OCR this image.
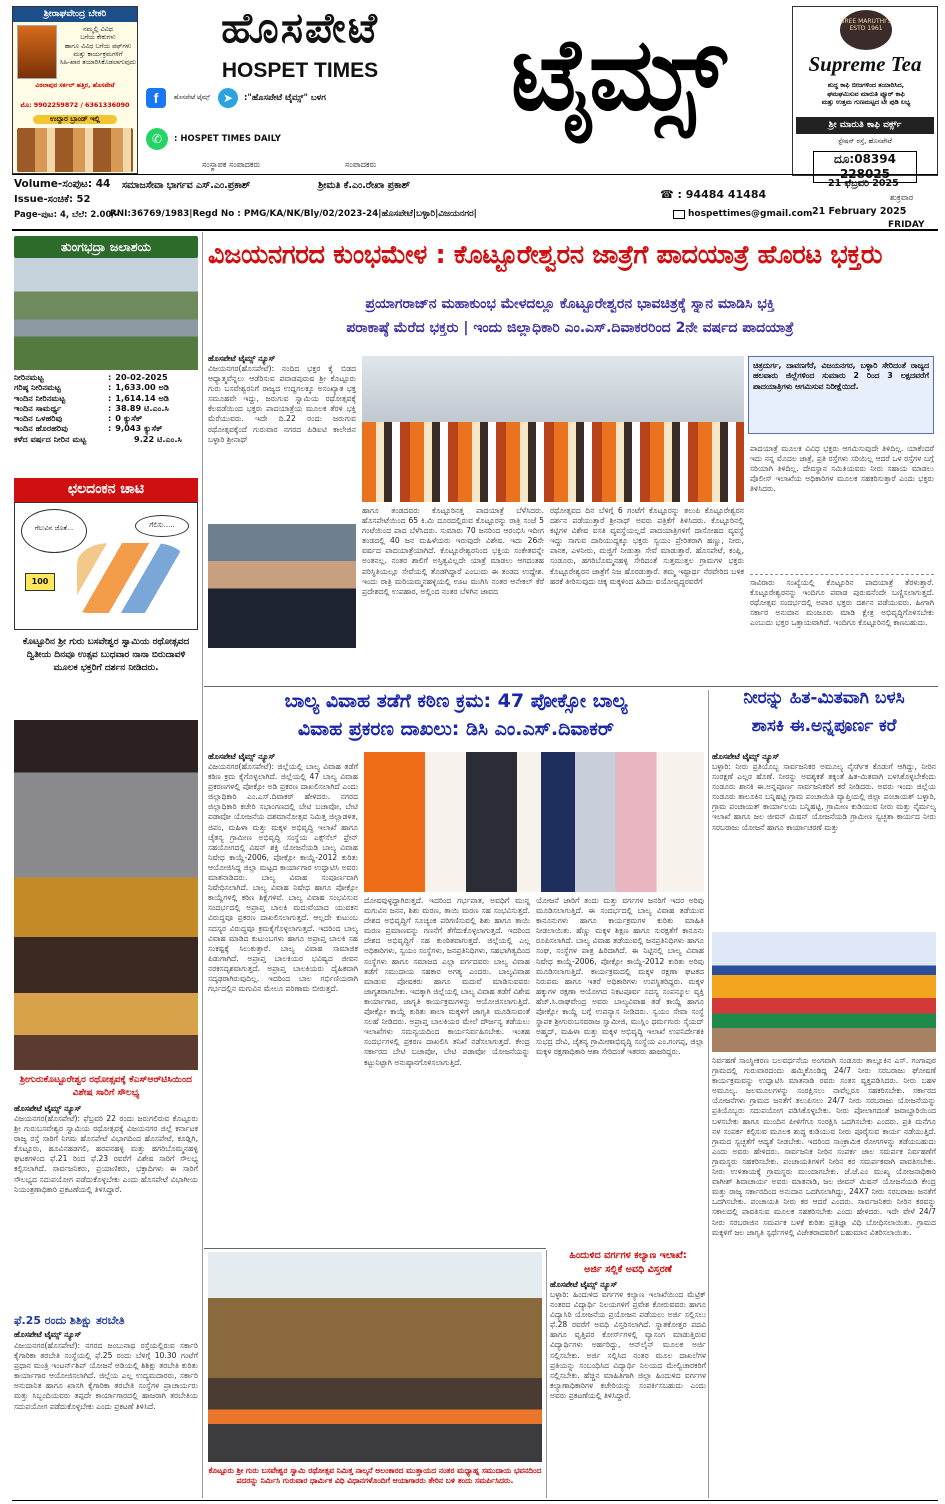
ಶ್ರೀರಾಘವೇಂದ್ರ ಬೇಕರಿ
ನಮ್ಮಲ್ಲಿ ವಿವಿಧ
ಬಗೆಯ ಕೇಕುಗಳು
ಹಾಗೂ ವಿವಿಧ ಬಗೆಯ ಪಫ್‌ಗಳು
ಮತ್ತು ಕಾರ್ಯಕ್ರಮಗಳಿಗೆ
ಸಿಹಿ-ಖಾರ ತಯಾರಿಸಿಕೊಡಲಾಗುವುದು
ವಿಠಲಾಪುರ ಸರ್ಕಲ್ ಹತ್ತಿರ, ಹೊಸಪೇಟೆ
ಮೊ: 9902259872 / 6361336090
ಉದ್ದಾರ ಬ್ರಾಂಡ್ ಇಲ್ಲಿ
ಹೊಸಪೇಟೆ
HOSPET TIMES	ಟೈಮ್ಸ್
f	ಹೊಸಪೇಟೆ ಟೈಮ್ಸ್	➤	:"ಹೊಸಪೇಟೆ ಟೈಮ್ಸ್" ಬಳಗ
✆	: HOSPET TIMES DAILY
ಸಂಸ್ಥಾಪಕ ಸಂಪಾದಕರು	ಸಂಪಾದಕರು
SREE MARUTHI'S
ESTD 1961
Supreme Tea
ಶುದ್ಧ ಕಾಫಿ ಬೀಜಗಳಿಂದ ತಯಾರಿಸಿದ,
ಘಮಘಮಿಸುವ ಮಾರುತಿ ಪ್ಯೂರ್ ಕಾಫಿ
ಮತ್ತು ಉತ್ತಮ ಗುಣಮಟ್ಟದ ಟೀ ಪುಡಿ ಲಭ್ಯ
ಶ್ರೀ ಮಾರುತಿ ಕಾಫಿ ವರ್ಕ್ಸ್
ಸ್ಟೇಷನ್ ರಸ್ತೆ, ಹೊಸಪೇಟೆ
ದೂ:08394 228025
Volume-ಸಂಪುಟ: 44
Issue-ಸಂಚಿಕೆ: 52
Page-ಪುಟ: 4, ಬೆಲೆ: 2.00/-
ಸಮಾಜಸೇವಾ ಭಾರ್ಗವ ಎಸ್.ಎಂ.ಪ್ರಕಾಶ್	ಶ್ರೀಮತಿ ಕೆ.ಎಂ.ರೇಖಾ ಪ್ರಕಾಶ್
☎ : 94484 41484
21 ಫೆಬ್ರವರಿ 2025
ಶುಕ್ರವಾರ
RNI:36769/1983|Regd No : PMG/KA/NK/Bly/02/2023-24|ಹೊಸಪೇಟೆ|ಬಳ್ಳಾರಿ|ವಿಜಯನಗರ|	hospettimes@gmail.com 21 February 2025
FRIDAY
ತುಂಗಭದ್ರಾ ಜಲಾಶಯ
ನೀರಿನಮಟ್ಟ	: 20-02-2025
ಗರಿಷ್ಠ ನೀರಿನಮಟ್ಟ	: 1,633.00 ಅಡಿ
ಇಂದಿನ ನೀರಿನಮಟ್ಟ	: 1,614.14 ಅಡಿ
ಇಂದಿನ ಸಾಮರ್ಥ್ಯ	: 38.89 ಟಿ.ಎಂ.ಸಿ
ಇಂದಿನ ಒಳಹರಿವು	: 0 ಕ್ಯುಸೆಕ್
ಇಂದಿನ ಹೊರಹರಿವು	: 9,043 ಕ್ಯುಸೆಕ್
ಕಳೆದ ವರ್ಷದ ನೀರಿನ ಮಟ್ಟ	9.22 ಟಿ.ಎಂ.ಸಿ
ಛಲದಂಕನ ಚಾಟಿ
ಗೆಲುವಿನ ಜೊತೆ...	ಗೆಲಿಸು.....
100
ಕೊಟ್ಟೂರಿನ ಶ್ರೀ ಗುರು ಬಸವೇಶ್ವರ ಸ್ವಾಮಿಯ ರಥೋತ್ಸವದ ದ್ವಿತೀಯ ದಿನವೂ ಉತ್ಸವ ಬುಧವಾರ ನಾನಾ ಬಿರುದಾವಳಿ ಮೂಲಕ ಭಕ್ತರಿಗೆ ದರ್ಶನ ನೀಡಿದರು.
ಶ್ರೀಗುರುಕೊಟ್ಟೂರೇಶ್ವರ ರಥೋತ್ಸವಕ್ಕೆ ಕೆಎಸ್‌ಆರ್‌ಟಿಸಿಯಿಂದ ವಿಶೇಷ ಸಾರಿಗೆ ಸೌಲಭ್ಯ
ಹೊಸಪೇಟೆ ಟೈಮ್ಸ್ ನ್ಯೂಸ್
ವಿಜಯನಗರ(ಹೊಸಪೇಟೆ): ಫೆಬ್ರವರಿ 22 ರಂದು ಜರುಗಲಿರುವ ಕೊಟ್ಟೂರು ಶ್ರೀ ಗುರುಬಸವೇಶ್ವರ ಸ್ವಾಮಿಯ ರಥೋತ್ಸವಕ್ಕೆ ವಿಜಯನಗರ ಜಿಲ್ಲೆ ಕರ್ನಾಟಕ ರಾಜ್ಯ ರಸ್ತೆ ಸಾರಿಗೆ ನಿಗಮ ಹೊಸಪೇಟೆ ವಿಭಾಗದಿಂದ ಹೊಸಪೇಟೆ, ಕೂಡ್ಲಿಗಿ, ಕೊಟ್ಟೂರು, ಹೂವಿನಹಡಗಲಿ, ಹರಪನಹಳ್ಳಿ ಮತ್ತು ಹಗರಿಬೊಮ್ಮನಹಳ್ಳಿ ಘಟಕಗಳಿಂದ ಫೆ.21 ರಿಂದ ಫೆ.23 ರವರೆಗೆ ವಿಶೇಷ ಸಾರಿಗೆ ಸೌಲಭ್ಯ ಕಲ್ಪಿಸಲಾಗಿದೆ. ಸಾರ್ವಜನಿಕರು, ಪ್ರಯಾಣಿಕರು, ಭಕ್ತಾದಿಗಳು ಈ ಸಾರಿಗೆ ಸೌಲಭ್ಯದ ಸದುಪಯೋಗ ಪಡೆದುಕೊಳ್ಳಬೇಕು ಎಂದು ಹೊಸಪೇಟೆ ವಿಭಾಗೀಯ ನಿಯಂತ್ರಣಾಧಿಕಾರಿ ಪ್ರಕಟಣೆಯಲ್ಲಿ ತಿಳಿಸಿದ್ದಾರೆ.
ಫೆ.25 ರಂದು ಶಿಶಿಕ್ಷು ತರಬೇತಿ
ಹೊಸಪೇಟೆ ಟೈಮ್ಸ್ ನ್ಯೂಸ್
ವಿಜಯನಗರ(ಹೊಸಪೇಟೆ): ನಗರದ ಜಂಬುನಾಥ ರಸ್ತೆಯಲ್ಲಿರುವ ಸರ್ಕಾರಿ ಕೈಗಾರಿಕಾ ತರಬೇತಿ ಸಂಸ್ಥೆಯಲ್ಲಿ ಫೆ.25 ರಂದು ಬೆಳಿಗ್ಗೆ 10.30 ಗಂಟೆಗೆ ಪ್ರಧಾನ ಮಂತ್ರಿ ಇಂಟರ್ನ್‌ಶಿಪ್ ಯೋಜನೆ ಅಡಿಯಲ್ಲಿ ಶಿಶಿಕ್ಷು ತರಬೇತಿ ಕುರಿತು ಕಾರ್ಯಾಗಾರ ಆಯೋಜಿಸಲಾಗಿದೆ. ಜಿಲ್ಲೆಯ ಎಲ್ಲ ಉದ್ಯಮದಾರರು, ಸರ್ಕಾರಿ ಅನುದಾನಿತ ಹಾಗೂ ಖಾಸಗಿ ಕೈಗಾರಿಕಾ ತರಬೇತಿ ಸಂಸ್ಥೆಗಳ ಪ್ರಾಚಾರ್ಯರು ಮತ್ತು ಸಿಬ್ಬಂದಿಯವರು ತಪ್ಪದೇ ಕಾರ್ಯಾಗಾರದಲ್ಲಿ ಹಾಜರಾಗಿ ತರಬೇತಿಯ ಸದುಪಯೋಗ ಪಡೆದುಕೊಳ್ಳಬೇಕು ಎಂದು ಪ್ರಕಟಣೆ ತಿಳಿಸಿದೆ.
ವಿಜಯನಗರದ ಕುಂಭಮೇಳ : ಕೊಟ್ಟೂರೇಶ್ವರನ ಜಾತ್ರೆಗೆ ಪಾದಯಾತ್ರೆ ಹೊರಟ ಭಕ್ತರು
ಪ್ರಯಾಗರಾಜ್‌ನ ಮಹಾಕುಂಭ ಮೇಳದಲ್ಲೂ ಕೊಟ್ಟೂರೇಶ್ವರನ ಭಾವಚಿತ್ರಕ್ಕೆ ಸ್ನಾನ ಮಾಡಿಸಿ ಭಕ್ತಿ
ಪರಾಕಾಷ್ಠೆ ಮೆರೆದ ಭಕ್ತರು | ಇಂದು ಜಿಲ್ಲಾಧಿಕಾರಿ ಎಂ.ಎಸ್.ದಿವಾಕರರಿಂದ 2ನೇ ವರ್ಷದ ಪಾದಯಾತ್ರೆ
ಹೊಸಪೇಟೆ ಟೈಮ್ಸ್ ನ್ಯೂಸ್
ವಿಜಯನಗರ(ಹೊಸಪೇಟೆ): ನಂದಿದ ಭಕ್ತರ ಕೈ ಬಿಡದ ಆಧ್ಯಾತ್ಮವೆನ್ನಲು ಆಡೆರಿಸುವ ಪವಾಡಪುರುಷ ಶ್ರೀ ಕೊಟ್ಟೂರು ಗುರು ಬಸವೇಶ್ವರನಿಗೆ ರಾಜ್ಯದ ಉದ್ದಗಲಕ್ಕೂ ಅಸಂಖ್ಯಾತ ಭಕ್ತ ಸಮೂಹವೇ ಇದ್ದು, ಜರುಗುವ ಸ್ವಾಮಿಯ ರಥೋತ್ಸವಕ್ಕೆ ಕೆಲವಡೆಯಿಂದ ಭಕ್ತರು ಪಾದಯಾತ್ರೆಯ ಮೂಲಕ ತೆರಳಿ ಭಕ್ತಿ ಮೆರೆಯುವರು. ಇದೇ ದಿ.22 ರಂದು ಜರುಗುವ ರಥೋತ್ಸವಕ್ಕೆಂದೆ ಗುರುವಾರ ನಗರದ ಪಿಡಿಐಟಿ ಕಾಲೇಜಿನ ಬಳ್ಳಾರಿ ಶ್ರೀನಾಥ್
ಚಿತ್ರದುರ್ಗ, ದಾವಣಗೆರೆ, ವಿಜಯನಗರ, ಬಳ್ಳಾರಿ ಸೇರಿದಂತೆ ರಾಜ್ಯದ ಹಲವಾರು ಜಿಲ್ಲೆಗಳಿಂದ ಸುಮಾರು 2 ರಿಂದ 3 ಲಕ್ಷದವರೆಗೆ ಪಾದಯಾತ್ರಿಗಳು ಆಗಮಿಸುವ ನಿರೀಕ್ಷೆಯಿದೆ.
ಪಾದಯಾತ್ರೆ ಮೂಲಕ ವಿವಿಧ ಭಕ್ತರು ಆಗಮಿಸುವುದೇ ತಿಳಿದಿಲ್ಲ. ಯಾಕೆಂದರೆ ಇದು ನನ್ನ ಮೊದಲ ಜಾತ್ರೆ, ಪ್ರತಿ ರಸ್ತೆಗಳು ಸರಿಯಿಲ್ಲ ಆದರೆ ಒಳ ರಸ್ತೆಗಳ ಬಗ್ಗೆ ಸರಿಯಾಗಿ ತಿಳಿದಿಲ್ಲ. ದೇವಸ್ಥಾನ ಸಮಿತಿಯವರು ನೀರು ಸಹಾಯ ಮಾಡಲು ಪೊಲೀಸ್ ಇಲಾಖೆಯ ಅಧಿಕಾರಿಗಳ ಮೂಲಕ ಸಹಕರಿಸುತ್ತಾರೆ ಎಂದು ಭಕ್ತರು ತಿಳಿಸಿದರು.
ಸಾವಿರಾರು ಸಂಖ್ಯೆಯಲ್ಲಿ ಕೊಟ್ಟೂರಿನ ಪಾದಯಾತ್ರೆ ತೆರಳುತ್ತಾರೆ. ಕೊಟ್ಟೂರೇಶ್ವರನನ್ನು ಇಂದಿಗೂ ಪವಾಡ ಪುರುಷನೆಂದೇ ಬಣ್ಣಿಸಲಾಗುತ್ತದೆ. ರಥೋತ್ಸವ ಸಂದರ್ಭದಲ್ಲಿ ಅಪಾರ ಭಕ್ತರು ದರ್ಶನ ಪಡೆಯುವರು. ಹೀಗಾಗಿ ಸರ್ಕಾರ ಅನುದಾನ ಮಂಜೂರು ಮಾಡಿ ಕ್ಷೇತ್ರ ಅಭಿವೃದ್ಧಿಗೊಳಿಸಬೇಕು ಎಂಬುದು ಭಕ್ತರ ಒತ್ತಾಯವಾಗಿದೆ. ಇಂದಿಗೂ ಕೊಟ್ಟೂರಿನಲ್ಲಿ ಕಾಣಬಹುದು.
ಹಾಗೂ ತಂಡದವರು ಕೊಟ್ಟೂರಿನತ್ತ ಪಾದಯಾತ್ರೆ ಬೆಳೆಸಿದರು. ಹೊಸಪೇಟೆಯಿಂದ 65 ಕಿ.ಮಿ ದೂರದಲ್ಲಿರುವ ಕೊಟ್ಟೂರನ್ನು ರಾತ್ರಿ ಸಂಜೆ 5 ಗಂಟೆಯಿಂದ ಪಾದ ಬೆಳೆಸಿದರು. ಸುಮಾರು 70 ಜನರಿಂದ ಆರಂಭಿಸಿ ಇದೀಗ ತಂಡದಲ್ಲಿ 40 ಜನ ಮಹಿಳೆಯರು ಇರುವುದೇ ವಿಶೇಷ. ಇದು 26ನೇ ವರ್ಷದ ಪಾದಯಾತ್ರೆಯಾಗಿದೆ. ಕೊಟ್ಟೂರೇಶ್ವರನಿಂದ ಭಕ್ತಿಯ ಸಂಕೇತವನ್ನೇ ಅಂತನಲ್ಲ. ನಂತರ ಶಾಲಿಗೆ ಅಸ್ತಿತ್ವವಿಲ್ಲದೇ ಯಾತ್ರೆ ಮಾಡಲು ಆಗದಂತಹ ಪರಿಸ್ಥಿತಿಯಲ್ಲೂ ಸೇವೆಯಲ್ಲಿ ತೊಡಗಿದ್ದಾರೆ ಎಂಬುದು ಈ ತಂಡದ ಉದ್ದೇಶ. ಇಂದು ರಾತ್ರಿ ಮರಿಯಮ್ಮನಹಳ್ಳಿಯಲ್ಲಿ ಊಟ ಮುಗಿಸಿ ನಂತರ ಆನೇಕಲ್ ಕೆರೆ ಪ್ರದೇಶದಲ್ಲಿ ಉಪಹಾರ, ಅಲ್ಲಿಂದ ನಂತರ ಬೆಳಗಿನ ಜಾವದ
ರಥೋತ್ಸವದ ದಿನ ಬೆಳಿಗ್ಗೆ 6 ಗಂಟೆಗೆ ಕೊಟ್ಟೂರನ್ನು ತಲುಪಿ ಕೊಟ್ಟೂರೇಶ್ವರನ ದರ್ಶನ ಪಡೆಯುತ್ತಾರೆ ಶ್ರೀನಾಥ್ ಅವರು ಪತ್ರಿಕೆಗೆ ತಿಳಿಸಿದರು. ಕೊಟ್ಟೂರಿನಲ್ಲಿ ಕಟ್ಟಿಗಳ ವಿಶೇಷ ವಸತಿ ವ್ಯವಸ್ಥೆಯಲ್ಲದೆ ಪಾದಯಾತ್ರಿಗಳಿಗೆ ದಾಸೋಹದ ವ್ಯವಸ್ಥೆ ಇದ್ದು ಸಾಗುವ ದಾರಿಯುದ್ದಕ್ಕೂ ಭಕ್ತರು ಸ್ವಯಂ ಪ್ರೇರಿತರಾಗಿ ಹಣ್ಣು, ನೀರು, ಪಾನಕ, ಎಳನೀರು, ಮಜ್ಜಿಗೆ ನೀಡುತ್ತಾ ಸೇವೆ ಮಾಡುತ್ತಾರೆ. ಹೊಸಪೇಟೆ, ಕಂಪ್ಲಿ, ಸಂಡೂರು, ಹಗರಿಬೊಮ್ಮನಹಳ್ಳಿ ಸೇರಿದಂತೆ ಸುತ್ತಮುತ್ತಲ ಗ್ರಾಮಗಳ ಭಕ್ತರು ಕೊಟ್ಟೂರೇಶ್ವರನ ಜಾತ್ರೆಗೆ ನಿಜ ಹೊರಡುತ್ತಾರೆ. ತಮ್ಮ ಇಷ್ಟಾರ್ಥ ನೆರವೇರಿದ ಬಳಿಕ ಹರಕೆ ತೀರಿಸುವುದು ಚಿಕ್ಕ ಮಕ್ಕಳಿಂದ ಹಿಡಿದು ವಯೋವೃದ್ಧರವರೆಗೆ
ಬಾಲ್ಯ ವಿವಾಹ ತಡೆಗೆ ಕಠಿಣ ಕ್ರಮ: 47 ಪೋಕ್ಸೋ ಬಾಲ್ಯ
ವಿವಾಹ ಪ್ರಕರಣ ದಾಖಲು: ಡಿಸಿ ಎಂ.ಎಸ್.ದಿವಾಕರ್
ಹೊಸಪೇಟೆ ಟೈಮ್ಸ್ ನ್ಯೂಸ್
ವಿಜಯನಗರ(ಹೊಸಪೇಟೆ): ಜಿಲ್ಲೆಯಲ್ಲಿ ಬಾಲ್ಯ ವಿವಾಹ ತಡೆಗೆ ಕಠಿಣ ಕ್ರಮ ಕೈಗೊಳ್ಳಲಾಗಿದೆ. ಜಿಲ್ಲೆಯಲ್ಲಿ 47 ಬಾಲ್ಯ ವಿವಾಹ ಪ್ರಕರಣಗಳಲ್ಲಿ ಪೋಕ್ಸೋ ಅಡಿ ಪ್ರಕರಣ ದಾಖಲಿಸಲಾಗಿದೆ ಎಂದು ಜಿಲ್ಲಾಧಿಕಾರಿ ಎಂ.ಎಸ್.ದಿವಾಕರ್ ಹೇಳಿದರು. ನಗರದ ಜಿಲ್ಲಾಧಿಕಾರಿ ಕಚೇರಿ ಸಭಾಂಗಣದಲ್ಲಿ ಬೇಟಿ ಬಚಾವೋ, ಬೇಟಿ ಪಡಾವೋ ಯೋಜನೆಯ ದಶಮಾನೋತ್ಸವ ನಿಮಿತ್ತ ಜಿಲ್ಲಾಡಳಿತ, ಜಿಪಂ, ಮಹಿಳಾ ಮತ್ತು ಮಕ್ಕಳ ಅಭಿವೃದ್ಧಿ ಇಲಾಖೆ ಹಾಗೂ ಚೈತನ್ಯ ಗ್ರಾಮೀಣ ಅಭಿವೃದ್ಧಿ ಸಂಸ್ಥೆಯ ಎಕ್ಸ್‌ಸೆಲ್ ಫ್ರೇನ್ ಸಹಯೋಗದಲ್ಲಿ ವಿಷನ್ ಶಕ್ತಿ ಯೋಜನೆಯಡಿ ಬಾಲ್ಯ ವಿವಾಹ ನಿಷೇಧ ಕಾಯ್ದೆ-2006, ಪೋಕ್ಸೋ ಕಾಯ್ದೆ-2012 ಕುರಿತು ಆಯೋಜಿಸಿದ್ದ ಜಿಲ್ಲಾ ಮಟ್ಟದ ಕಾರ್ಯಾಗಾರ ಉದ್ಘಾಟಿಸಿ ಅವರು ಮಾತನಾಡಿದರು. ಬಾಲ್ಯ ವಿವಾಹ ಸಂಪೂರ್ಣವಾಗಿ ನಿಷೇಧಿಸಲಾಗಿದೆ. ಬಾಲ್ಯ ವಿವಾಹ ನಿಷೇಧ ಹಾಗೂ ಪೋಕ್ಸೋ ಕಾಯ್ದೆಗಳಲ್ಲಿ ಕಠಿಣ ಶಿಕ್ಷೆಗಳಿವೆ. ಬಾಲ್ಯ ವಿವಾಹ ಸಂಭವಿಸುವ ಸಂದರ್ಭದಲ್ಲಿ ಅಪ್ರಾಪ್ತ ಬಾಲಕಿ ಮದುವೆಯಾದ ಯುವಕನ ವಿರುದ್ಧವೂ ಪ್ರಕರಣ ದಾಖಲಿಸಲಾಗುತ್ತದೆ. ಆಲ್ಲದೇ ಕುಟುಂಬ ಸದಸ್ಯರ ವಿರುದ್ಧವೂ ಕ್ರಮಕೈಗೊಳ್ಳಲಾಗುತ್ತದೆ. ಇದರಿಂದ ಬಾಲ್ಯ ವಿವಾಹ ಮಾಡಿದ ಕುಟುಂಬಗಳು ಹಾಗೂ ಅಪ್ರಾಪ್ತ ಬಾಲಕಿ ಸಹ ಸಂಕಷ್ಟಕ್ಕೆ ಸಿಲುಕುತ್ತಾರೆ. ಬಾಲ್ಯ ವಿವಾಹ ಸಾಮಾಜಿಕ ಪಿಡುಗಾಗಿದೆ. ಅಪ್ರಾಪ್ತ ಬಾಲಕಿಯರ ಭವಿಷ್ಯದ ಜೀವನ ನರಕಸದೃಶವಾಗುತ್ತದೆ. ಅಪ್ರಾಪ್ತ ಬಾಲಕಿಯರು ದೈಹಿಕವಾಗಿ ಸದೃಢರಾಗಿರುವುದಿಲ್ಲ. ಇದರಿಂದ ಬಾಲ ಗರ್ಭಿಣಿಯರಾಗಿ ಗರ್ಭದಲ್ಲಿನ ಮಗುವಿನ ಮೇಲೂ ಪರಿಣಾಮ ಬೀರುತ್ತದೆ.
ದೋಷವುಳ್ಳದ್ದಾಗಿರುತ್ತದೆ. ಇದರಿಂದ ಗರ್ಭಪಾತ, ಅವಧಿಗೆ ಮುನ್ನ ಮಗುವಿನ ಜನನ, ಶಿಶು ಮರಣ, ತಾಯಿ ಮರಣ ಸಹ ಸಂಭವಿಸುತ್ತದೆ. ದೇಶದ ಅಭಿವೃದ್ಧಿಗೆ ಸೂಚ್ಯಂಕ ಪರಿಗಣಿಸುವಲ್ಲಿ ಶಿಶು ಹಾಗೂ ತಾಯಿ ಮರಣ ಪ್ರಮಾಣವನ್ನು ಗಣನೆಗೆ ತೆಗೆದುಕೊಳ್ಳಲಾಗುತ್ತದೆ. ಇದರಿಂದ ದೇಶದ ಅಭಿವೃದ್ಧಿಗೆ ಸಹ ಕುಂಠಿತವಾಗುತ್ತದೆ. ಜಿಲ್ಲೆಯಲ್ಲಿ ಎಲ್ಲ ಅಧಿಕಾರಿಗಳು, ಸ್ವಯಂ ಸಂಸ್ಥೆಗಳು, ಜನಪ್ರತಿನಿಧಿಗಳು, ಸಹಭಾಗಿತ್ವದಿಂದ ಸಂಸ್ಥೆಗಳು ಹಾಗೂ ಸಮಾಜದ ಎಲ್ಲಾ ವರ್ಗದವರು ಬಾಲ್ಯ ವಿವಾಹ ತಡೆಗೆ ಸಮುದಾಯ ಸಹಕಾರ ಅಗತ್ಯ ಎಂದರು. ಬಾಲ್ಯವಿವಾಹ ಮಾಡುವ ಪೋಷಕರು ಹಾಗೂ ಮದುವೆ ಮಾಡಿಸುವವರು ಜಾಗೃತರಾಗಬೇಕು. ಇದಕ್ಕಾಗಿ ಜಿಲ್ಲೆಯಲ್ಲಿ ಬಾಲ್ಯ ವಿವಾಹ ತಡೆಗೆ ವಿಶೇಷ ಕಾರ್ಯಾಗಾರ, ಜಾಗೃತಿ ಕಾರ್ಯಕ್ರಮಗಳನ್ನು ಆಯೋಜಿಸಲಾಗುತ್ತಿದೆ. ಪೋಕ್ಸೋ ಕಾಯ್ದೆ ಕುರಿತು ಶಾಲಾ ಮಕ್ಕಳಿಗೆ ಜಾಗೃತಿ ಮೂಡಿಸುವಂತೆ ಸಲಹೆ ನೀಡಿದರು. ಅಪ್ರಾಪ್ತ ಬಾಲಕಿಯರ ಮೇಲೆ ದೌರ್ಜನ್ಯ ತಡೆಯಲು ಇಲಾಖೆಗಳು ಸಮನ್ವಯದಿಂದ ಕಾರ್ಯನಿರ್ವಹಿಸಬೇಕು. ಇಂತಹ ಸಂದರ್ಭಗಳಲ್ಲಿ ಪ್ರಕರಣ ದಾಖಲಿಸಿ ತನಿಖೆ ನಡೆಸಲಾಗುತ್ತದೆ. ಕೇಂದ್ರ ಸರ್ಕಾರದ ಬೇಟಿ ಬಚಾವೋ, ಬೇಟಿ ಪಡಾವೋ ಯೋಜನೆಯನ್ನು ಕಟ್ಟುನಿಟ್ಟಾಗಿ ಅನುಷ್ಠಾನಗೊಳಿಸಲಾಗುತ್ತಿದೆ.
ಯೋಜನೆ ಜಾರಿಗೆ ತಂದು ಮತ್ತು ವರ್ಗಗಳ ಜನರಿಗೆ ಇದರ ಅರಿವು ಮೂಡಿಸಲಾಗುತ್ತಿದೆ. ಈ ಸಂದರ್ಭದಲ್ಲಿ ಬಾಲ್ಯ ವಿವಾಹ ತಡೆಯುವ ಕಾನೂನುಗಳು ಹಾಗೂ ಕಾರ್ಯಕ್ರಮಗಳ ಕುರಿತು ಮಾಹಿತಿ ನೀಡಲಾಯಿತು. ಹೆಣ್ಣು ಮಕ್ಕಳ ಶಿಕ್ಷಣ ಹಾಗೂ ಸುರಕ್ಷತೆಗೆ ಕಾನೂನು ರೂಪಿಸಲಾಗಿದೆ. ಬಾಲ್ಯ ವಿವಾಹ ತಡೆಯುವಲ್ಲಿ ಜನಪ್ರತಿನಿಧಿಗಳು ಹಾಗೂ ಸಂಘ, ಸಂಸ್ಥೆಗಳ ಪಾತ್ರ ಹಿರಿದಾಗಿದೆ. ಈ ನಿಟ್ಟಿನಲ್ಲಿ ಬಾಲ್ಯ ವಿವಾಹ ನಿಷೇಧ ಕಾಯ್ದೆ-2006, ಪೋಕ್ಸೋ ಕಾಯ್ದೆ-2012 ಕುರಿತು ಅರಿವು ಮೂಡಿಸಲಾಗುತ್ತಿದೆ. ಕಾರ್ಯಕ್ರಮದಲ್ಲಿ ಮಕ್ಕಳ ರಕ್ಷಣಾ ಘಟಕದ ನಿರುಪಮ ಹಾಗೂ ಇತರೆ ಅಧಿಕಾರಿಗಳು ಉಪಸ್ಥಿತರಿದ್ದರು. ಮಕ್ಕಳ ಹಕ್ಕುಗಳ ರಕ್ಷಣಾ ಆಯೋಗದ ನಿಕಟಪೂರ್ವ ಸದಸ್ಯ ಸಂಪನ್ಮೂಲ ವ್ಯಕ್ತಿ ಹೆಚ್.ಸಿ.ರಾಘವೇಂದ್ರ ಅವರು ಬಾಲ್ಯವಿವಾಹ ತಡೆ ಕಾಯ್ದೆ ಹಾಗೂ ಪೋಕ್ಸೋ ಕಾಯ್ದೆ ಬಗ್ಗೆ ಉಪನ್ಯಾಸ ನೀಡಿದರು. ಸ್ವಯಂ ಸೇವಾ ಸಂಸ್ಥೆ ಸ್ಥಾಪಕ ಶ್ರೀಗುರುಬಸವರಾಜ ಸ್ವಾಮೀಜಿ, ಮುಸ್ಲಿಂ ಧರ್ಮಗುರು ಸೈಯದ್ ಅಹ್ಮದ್, ಮಹಿಳಾ ಮತ್ತು ಮಕ್ಕಳ ಅಭಿವೃದ್ಧಿ ಇಲಾಖೆ ಉಪನಿರ್ದೇಶಕಿ ಸುಭದ್ರ ದೇವಿ, ಚೈತನ್ಯ ಗ್ರಾಮೀಣಾಭಿವೃದ್ಧಿ ಸಂಸ್ಥೆಯ ಎಂ.ಗಂಗಪ್ಪ, ಜಿಲ್ಲಾ ಮಕ್ಕಳ ರಕ್ಷಣಾಧಿಕಾರಿ ಆಶಾ ಸೇರಿದಂತೆ ಇತರರು ಹಾಜರಿದ್ದರು.
ಹಿಂದುಳಿದ ವರ್ಗಗಳ ಕಲ್ಯಾಣ ಇಲಾಖೆ:
ಅರ್ಜಿ ಸಲ್ಲಿಕೆ ಅವಧಿ ವಿಸ್ತರಣೆ
ಹೊಸಪೇಟೆ ಟೈಮ್ಸ್ ನ್ಯೂಸ್
ಬಳ್ಳಾರಿ: ಹಿಂದುಳಿದ ವರ್ಗಗಳ ಕಲ್ಯಾಣ ಇಲಾಖೆಯಿಂದ ಮೆಟ್ರಿಕ್ ನಂತರದ ವಿದ್ಯಾರ್ಥಿ ನಿಲಯಗಳಿಗೆ ಪ್ರವೇಶ ಕೋರುವವರು ಹಾಗೂ ವಿದ್ಯಾಸಿರಿ ಯೋಜನೆಯ ಪ್ರಯೋಜನ ಪಡೆಯಲು ಅರ್ಜಿ ಸಲ್ಲಿಸಲು ಫೆ.28 ರವರೆಗೆ ಅವಧಿ ವಿಸ್ತರಿಸಲಾಗಿದೆ. ಸ್ನಾತಕೋತ್ತರ ಪದವಿ ಹಾಗೂ ವೃತ್ತಿಪರ ಕೋರ್ಸ್‌ಗಳಲ್ಲಿ ವ್ಯಾಸಂಗ ಮಾಡುತ್ತಿರುವ ವಿದ್ಯಾರ್ಥಿಗಳು ಅರ್ಹರಿದ್ದು, ಆನ್‌ಲೈನ್ ಮೂಲಕ ಅರ್ಜಿ ಸಲ್ಲಿಸಬೇಕು. ಅರ್ಜಿ ಸಲ್ಲಿಸಿದ ನಂತರ ಮೂಲ ದಾಖಲೆಗಳ ಪ್ರತಿಯನ್ನು ಸಂಬಂಧಿಸಿದ ವಿದ್ಯಾರ್ಥಿ ನಿಲಯದ ಮೇಲ್ವಿಚಾರಕರಿಗೆ ಸಲ್ಲಿಸಬೇಕು. ಹೆಚ್ಚಿನ ಮಾಹಿತಿಗಾಗಿ ಜಿಲ್ಲಾ ಹಿಂದುಳಿದ ವರ್ಗಗಳ ಕಲ್ಯಾಣಾಧಿಕಾರಿಗಳ ಕಚೇರಿಯನ್ನು ಸಂಪರ್ಕಿಸಬಹುದು ಎಂದು ಅವರು ಪ್ರಕಟಣೆಯಲ್ಲಿ ತಿಳಿಸಿದ್ದಾರೆ.
ಕೊಟ್ಟೂರು ಶ್ರೀ ಗುರು ಬಸವೇಶ್ವರ ಸ್ವಾಮಿ ರಥೋತ್ಸವ ನಿಮಿತ್ತ ನಾಲ್ಕನೆ ಅಲಂಕಾರದ ಮುತ್ತಾಯದ ನಂತರ ಮಧ್ಯಾಹ್ನ ಸಮುದಾಯ ಭವನದಿಂದ ಪದರನ್ನು ನಿರ್ಮಿಸಿ ಗುರುವಾರ ಧಾರ್ಮಿಕ ವಿಧಿ ವಿಧಾನಗಳೊಂದಿಗೆ ಆಯಾಗಾರರು ತೇರಿನ ಬಳಿ ತಂದು ಸಮರ್ಪಿಸಿದರು.
ನೀರನ್ನು ಹಿತ-ಮಿತವಾಗಿ ಬಳಸಿ
ಶಾಸಕಿ ಈ.ಅನ್ನಪೂರ್ಣ ಕರೆ
ಹೊಸಪೇಟೆ ಟೈಮ್ಸ್ ನ್ಯೂಸ್
ಬಳ್ಳಾರಿ: ನೀರು ಪ್ರತಿಯೊಬ್ಬ ಸಾರ್ವಜನಿಕರ ಅಮೂಲ್ಯ ನೈಸರ್ಗಿಕ ಕೊಡುಗೆ ಆಗಿದ್ದು, ನೀರಿನ ಸಂರಕ್ಷಣೆ ಎಲ್ಲರ ಹೊಣೆ. ನೀರನ್ನು ಅವಶ್ಯಕತೆ ತಕ್ಕಂತೆ ಹಿತ-ಮಿತವಾಗಿ ಬಳಸಿಕೊಳ್ಳಬೇಕೆಂದು ಸಂಡೂರು ಶಾಸಕಿ ಈ.ಅನ್ನಪೂರ್ಣ ಸಾರ್ವಜನಿಕರಿಗೆ ಕರೆ ನೀಡಿದರು. ಅವರು ಇಂದು ಜಿಲ್ಲೆಯ ಸಂಡೂರು ತಾಲೂಕಿನ ಬನ್ನಿಹಟ್ಟಿ ಗ್ರಾಮ ಪಂಚಾಯಿತಿ ವ್ಯಾಪ್ತಿಯಲ್ಲಿ ಜಿಲ್ಲಾ ಪಂಚಾಯತ್ ಬಳ್ಳಾರಿ, ಗ್ರಾಮ ಪಂಚಾಯತ್ ಕಾರ್ಯಾಲಯ ಬನ್ನಿಹಟ್ಟಿ, ಗ್ರಾಮೀಣ ಕುಡಿಯುವ ನೀರು ಮತ್ತು ನೈರ್ಮಲ್ಯ ಇಲಾಖೆ ಹಾಗೂ ಜಲ ಜೀವನ್ ಮಿಷನ್ ಯೋಜನೆಯಡಿ ಗ್ರಾಮೀಣ ಸ್ವಚ್ಛತಾ ಕಾರ್ಯದ ನೀರು ಸರಬರಾಜು ಯೋಜನೆ ಹಾಗೂ ಕಾರ್ಯಾಚರಣೆ ಮತ್ತು
ನಿರ್ವಹಣೆ ಸಾಂಸ್ಥೀಕರಣ ಬಲವರ್ಧನೆಯ ಅಂಗವಾಗಿ ಸಂಡೂರು ತಾಲ್ಲೂಕಿನ ಎಸ್. ಗಂಗಾಪುರ ಗ್ರಾಮದಲ್ಲಿ ಗುರುವಾರದಂದು ಹಮ್ಮಿಕೊಂಡಿದ್ದ 24/7 ನೀರು ಸರಬರಾಜು ಘೋಷಣೆ ಕಾರ್ಯಕ್ರಮವನ್ನು ಉದ್ಘಾಟಿಸಿ ಮಾತನಾಡಿ ರವರು ಸಂತಸ ವ್ಯಕ್ತಪಡಿಸಿದರು. ನೀರು ಬಹಳ ಅಮೂಲ್ಯ. ಜಲಮೂಲಗಳನ್ನು ಸಂರಕ್ಷಿಸಲು ನಾವೆಲ್ಲರೂ ಸಹಕರಿಸಬೇಕು. ಸರ್ಕಾರದ ಯೋಜನೆಗಳು ಗ್ರಾಮದ ಜನತೆಗೆ ತಲುಪಿಸಲು 24/7 ನೀರು ಸರಬರಾಜು ಯೋಜನೆಯನ್ನು ಪ್ರತಿಯೊಬ್ಬರು ಸದುಪಯೋಗ ಪಡಿಸಿಕೊಳ್ಳಬೇಕು. ನೀರು ಪೋಲಾಗದಂತೆ ಜವಾಬ್ದಾರಿಯಿಂದ ಬಳಸಬೇಕು ಹಾಗೂ ಮುಂದಿನ ಪೀಳಿಗೆಗೂ ಸಂರಕ್ಷಿಸಿ ಒದಗಿಸಬೇಕು ಎಂದರು. ಪ್ರತಿ ಮನೆಗೂ ನಳ ಸಂಪರ್ಕ ಕಲ್ಪಿಸುವ ಮೂಲಕ ಶುದ್ಧ ಕುಡಿಯುವ ನೀರು ಪೂರೈಸುವ ಕಾರ್ಯ ನಡೆಯುತ್ತಿದೆ. ಗ್ರಾಮದ ಸ್ವಚ್ಛತೆಗೆ ಆದ್ಯತೆ ನೀಡಬೇಕು. ಇದರಿಂದ ಸಾಂಕ್ರಾಮಿಕ ರೋಗಗಳನ್ನು ತಡೆಯಬಹುದು ಎಂದು ಅವರು ಹೇಳಿದರು. ಸಾರ್ವಜನಿಕ ನೀರಿನ ಸಂಪರ್ಕ ಜಾಲ ಸಮರ್ಪಕ ನಿರ್ವಹಣೆಗೆ ಗ್ರಾಮಸ್ಥರು ಸಹಕರಿಸಬೇಕು. ಪಂಚಾಯತಿಗಳಿಗೆ ನೀರಿನ ಕರ ಸಮರ್ಪಕವಾಗಿ ಪಾವತಿಸಬೇಕು. ನೀರು ಉಳಿತಾಯಕ್ಕೆ ಗ್ರಾಮಸ್ಥರು ಮುಂದಾಗಬೇಕು. ಜೆ.ಜೆ.ಎಂ ಮುಖ್ಯ ಯೋಜನಾಧಿಕಾರಿ ವಾಗೀಶ್ ಶಿವಾಚಾರ್ಯ ಅವರು ಮಾತನಾಡಿ, ಜಲ ಜೀವನ್ ಮಿಷನ್ ಯೋಜನೆಯಡಿ ಕೇಂದ್ರ ಮತ್ತು ರಾಜ್ಯ ಸರ್ಕಾರದಿಂದ ಅನುದಾನ ಒದಗಿಸಲಾಗಿದ್ದು, 24X7 ನೀರು ಸರಬರಾಜು ಜನತೆಗೆ ಒದಗಿಸಬೇಕು. ಪಂಚಾಯತಿ ನೀರು ಕರ ಆದರೆ ಎಂದರು. ಸಾರ್ವಜನಿಕರು ನೀರಿನ ಕರವನ್ನು ಸಕಾಲದಲ್ಲಿ ಪಾವತಿಸುವ ಮೂಲಕ ಸಹಕರಿಸಬೇಕು ಎಂದು ಹೇಳಿದರು. ಇದೇ ವೇಳೆ 24/7 ನೀರು ಸರಬರಾಜಿನ ಸಮರ್ಪಕ ಬಳಕೆ ಕುರಿತು ಪ್ರತಿಜ್ಞಾ ವಿಧಿ ಬೋಧಿಸಲಾಯಿತು. ಗ್ರಾಮದ ಮಕ್ಕಳಿಗೆ ಜಲ ಜಾಗೃತಿ ಸ್ಪರ್ಧೆಗಳಲ್ಲಿ ವಿಜೇತರಾದವರಿಗೆ ಬಹುಮಾನ ವಿತರಿಸಲಾಯಿತು.
